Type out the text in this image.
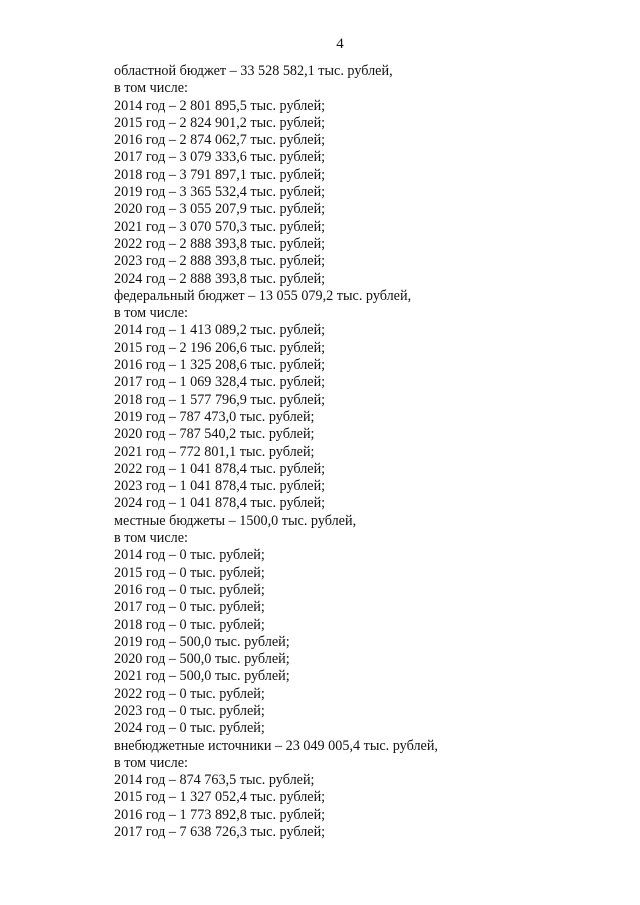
4
областной бюджет – 33 528 582,1 тыс. рублей,
в том числе:
2014 год – 2 801 895,5 тыс. рублей;
2015 год – 2 824 901,2 тыс. рублей;
2016 год – 2 874 062,7 тыс. рублей;
2017 год – 3 079 333,6 тыс. рублей;
2018 год – 3 791 897,1 тыс. рублей;
2019 год – 3 365 532,4 тыс. рублей;
2020 год – 3 055 207,9 тыс. рублей;
2021 год – 3 070 570,3 тыс. рублей;
2022 год – 2 888 393,8 тыс. рублей;
2023 год – 2 888 393,8 тыс. рублей;
2024 год – 2 888 393,8 тыс. рублей;
федеральный бюджет – 13 055 079,2 тыс. рублей,
в том числе:
2014 год – 1 413 089,2 тыс. рублей;
2015 год – 2 196 206,6 тыс. рублей;
2016 год – 1 325 208,6 тыс. рублей;
2017 год – 1 069 328,4 тыс. рублей;
2018 год – 1 577 796,9 тыс. рублей;
2019 год – 787 473,0 тыс. рублей;
2020 год – 787 540,2 тыс. рублей;
2021 год – 772 801,1 тыс. рублей;
2022 год – 1 041 878,4 тыс. рублей;
2023 год – 1 041 878,4 тыс. рублей;
2024 год – 1 041 878,4 тыс. рублей;
местные бюджеты – 1500,0 тыс. рублей,
в том числе:
2014 год – 0 тыс. рублей;
2015 год – 0 тыс. рублей;
2016 год – 0 тыс. рублей;
2017 год – 0 тыс. рублей;
2018 год – 0 тыс. рублей;
2019 год – 500,0 тыс. рублей;
2020 год – 500,0 тыс. рублей;
2021 год – 500,0 тыс. рублей;
2022 год – 0 тыс. рублей;
2023 год – 0 тыс. рублей;
2024 год – 0 тыс. рублей;
внебюджетные источники – 23 049 005,4 тыс. рублей,
в том числе:
2014 год – 874 763,5 тыс. рублей;
2015 год – 1 327 052,4 тыс. рублей;
2016 год – 1 773 892,8 тыс. рублей;
2017 год – 7 638 726,3 тыс. рублей;
